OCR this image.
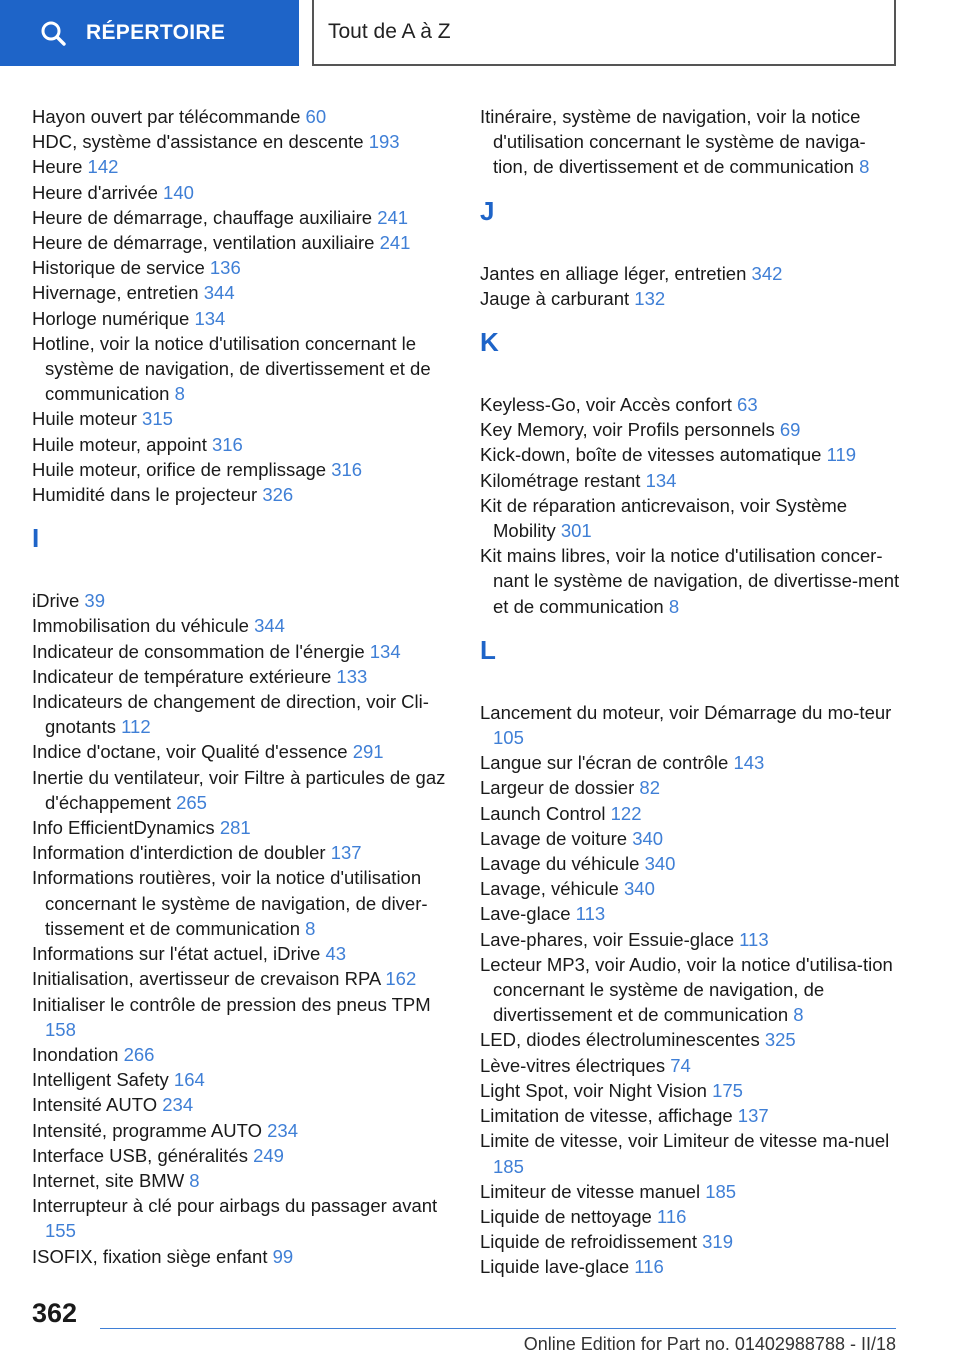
RÉPERTOIRE	Tout de A à Z

Hayon ouvert par télécommande 60

HDC, système d'assistance en descente 193

Heure 142

Heure d'arrivée 140

Heure de démarrage, chauffage auxiliaire 241

Heure de démarrage, ventilation auxiliaire 241

Historique de service 136

Hivernage, entretien 344

Horloge numérique 134

Hotline, voir la notice d'utilisation concernant le système de navigation, de divertissement et de communication 8

Huile moteur 315

Huile moteur, appoint 316

Huile moteur, orifice de remplissage 316

Humidité dans le projecteur 326

I

iDrive 39

Immobilisation du véhicule 344

Indicateur de consommation de l'énergie 134

Indicateur de température extérieure 133

Indicateurs de changement de direction, voir Cli-gnotants 112

Indice d'octane, voir Qualité d'essence 291

Inertie du ventilateur, voir Filtre à particules de gaz d'échappement 265

Info EfficientDynamics 281

Information d'interdiction de doubler 137

Informations routières, voir la notice d'utilisation concernant le système de navigation, de diver-tissement et de communication 8

Informations sur l'état actuel, iDrive 43

Initialisation, avertisseur de crevaison RPA 162

Initialiser le contrôle de pression des pneus TPM 158

Inondation 266

Intelligent Safety 164

Intensité AUTO 234

Intensité, programme AUTO 234

Interface USB, généralités 249

Internet, site BMW 8

Interrupteur à clé pour airbags du passager avant 155

ISOFIX, fixation siège enfant 99

Itinéraire, système de navigation, voir la notice d'utilisation concernant le système de naviga-tion, de divertissement et de communication 8

J

Jantes en alliage léger, entretien 342

Jauge à carburant 132

K

Keyless-Go, voir Accès confort 63

Key Memory, voir Profils personnels 69

Kick-down, boîte de vitesses automatique 119

Kilométrage restant 134

Kit de réparation anticrevaison, voir Système Mobility 301

Kit mains libres, voir la notice d'utilisation concer-nant le système de navigation, de divertisse-ment et de communication 8

L

Lancement du moteur, voir Démarrage du mo-teur 105

Langue sur l'écran de contrôle 143

Largeur de dossier 82

Launch Control 122

Lavage de voiture 340

Lavage du véhicule 340

Lavage, véhicule 340

Lave-glace 113

Lave-phares, voir Essuie-glace 113

Lecteur MP3, voir Audio, voir la notice d'utilisa-tion concernant le système de navigation, de divertissement et de communication 8

LED, diodes électroluminescentes 325

Lève-vitres électriques 74

Light Spot, voir Night Vision 175

Limitation de vitesse, affichage 137

Limite de vitesse, voir Limiteur de vitesse ma-nuel 185

Limiteur de vitesse manuel 185

Liquide de nettoyage 116

Liquide de refroidissement 319

Liquide lave-glace 116

362
Online Edition for Part no. 01402988788 - II/18
